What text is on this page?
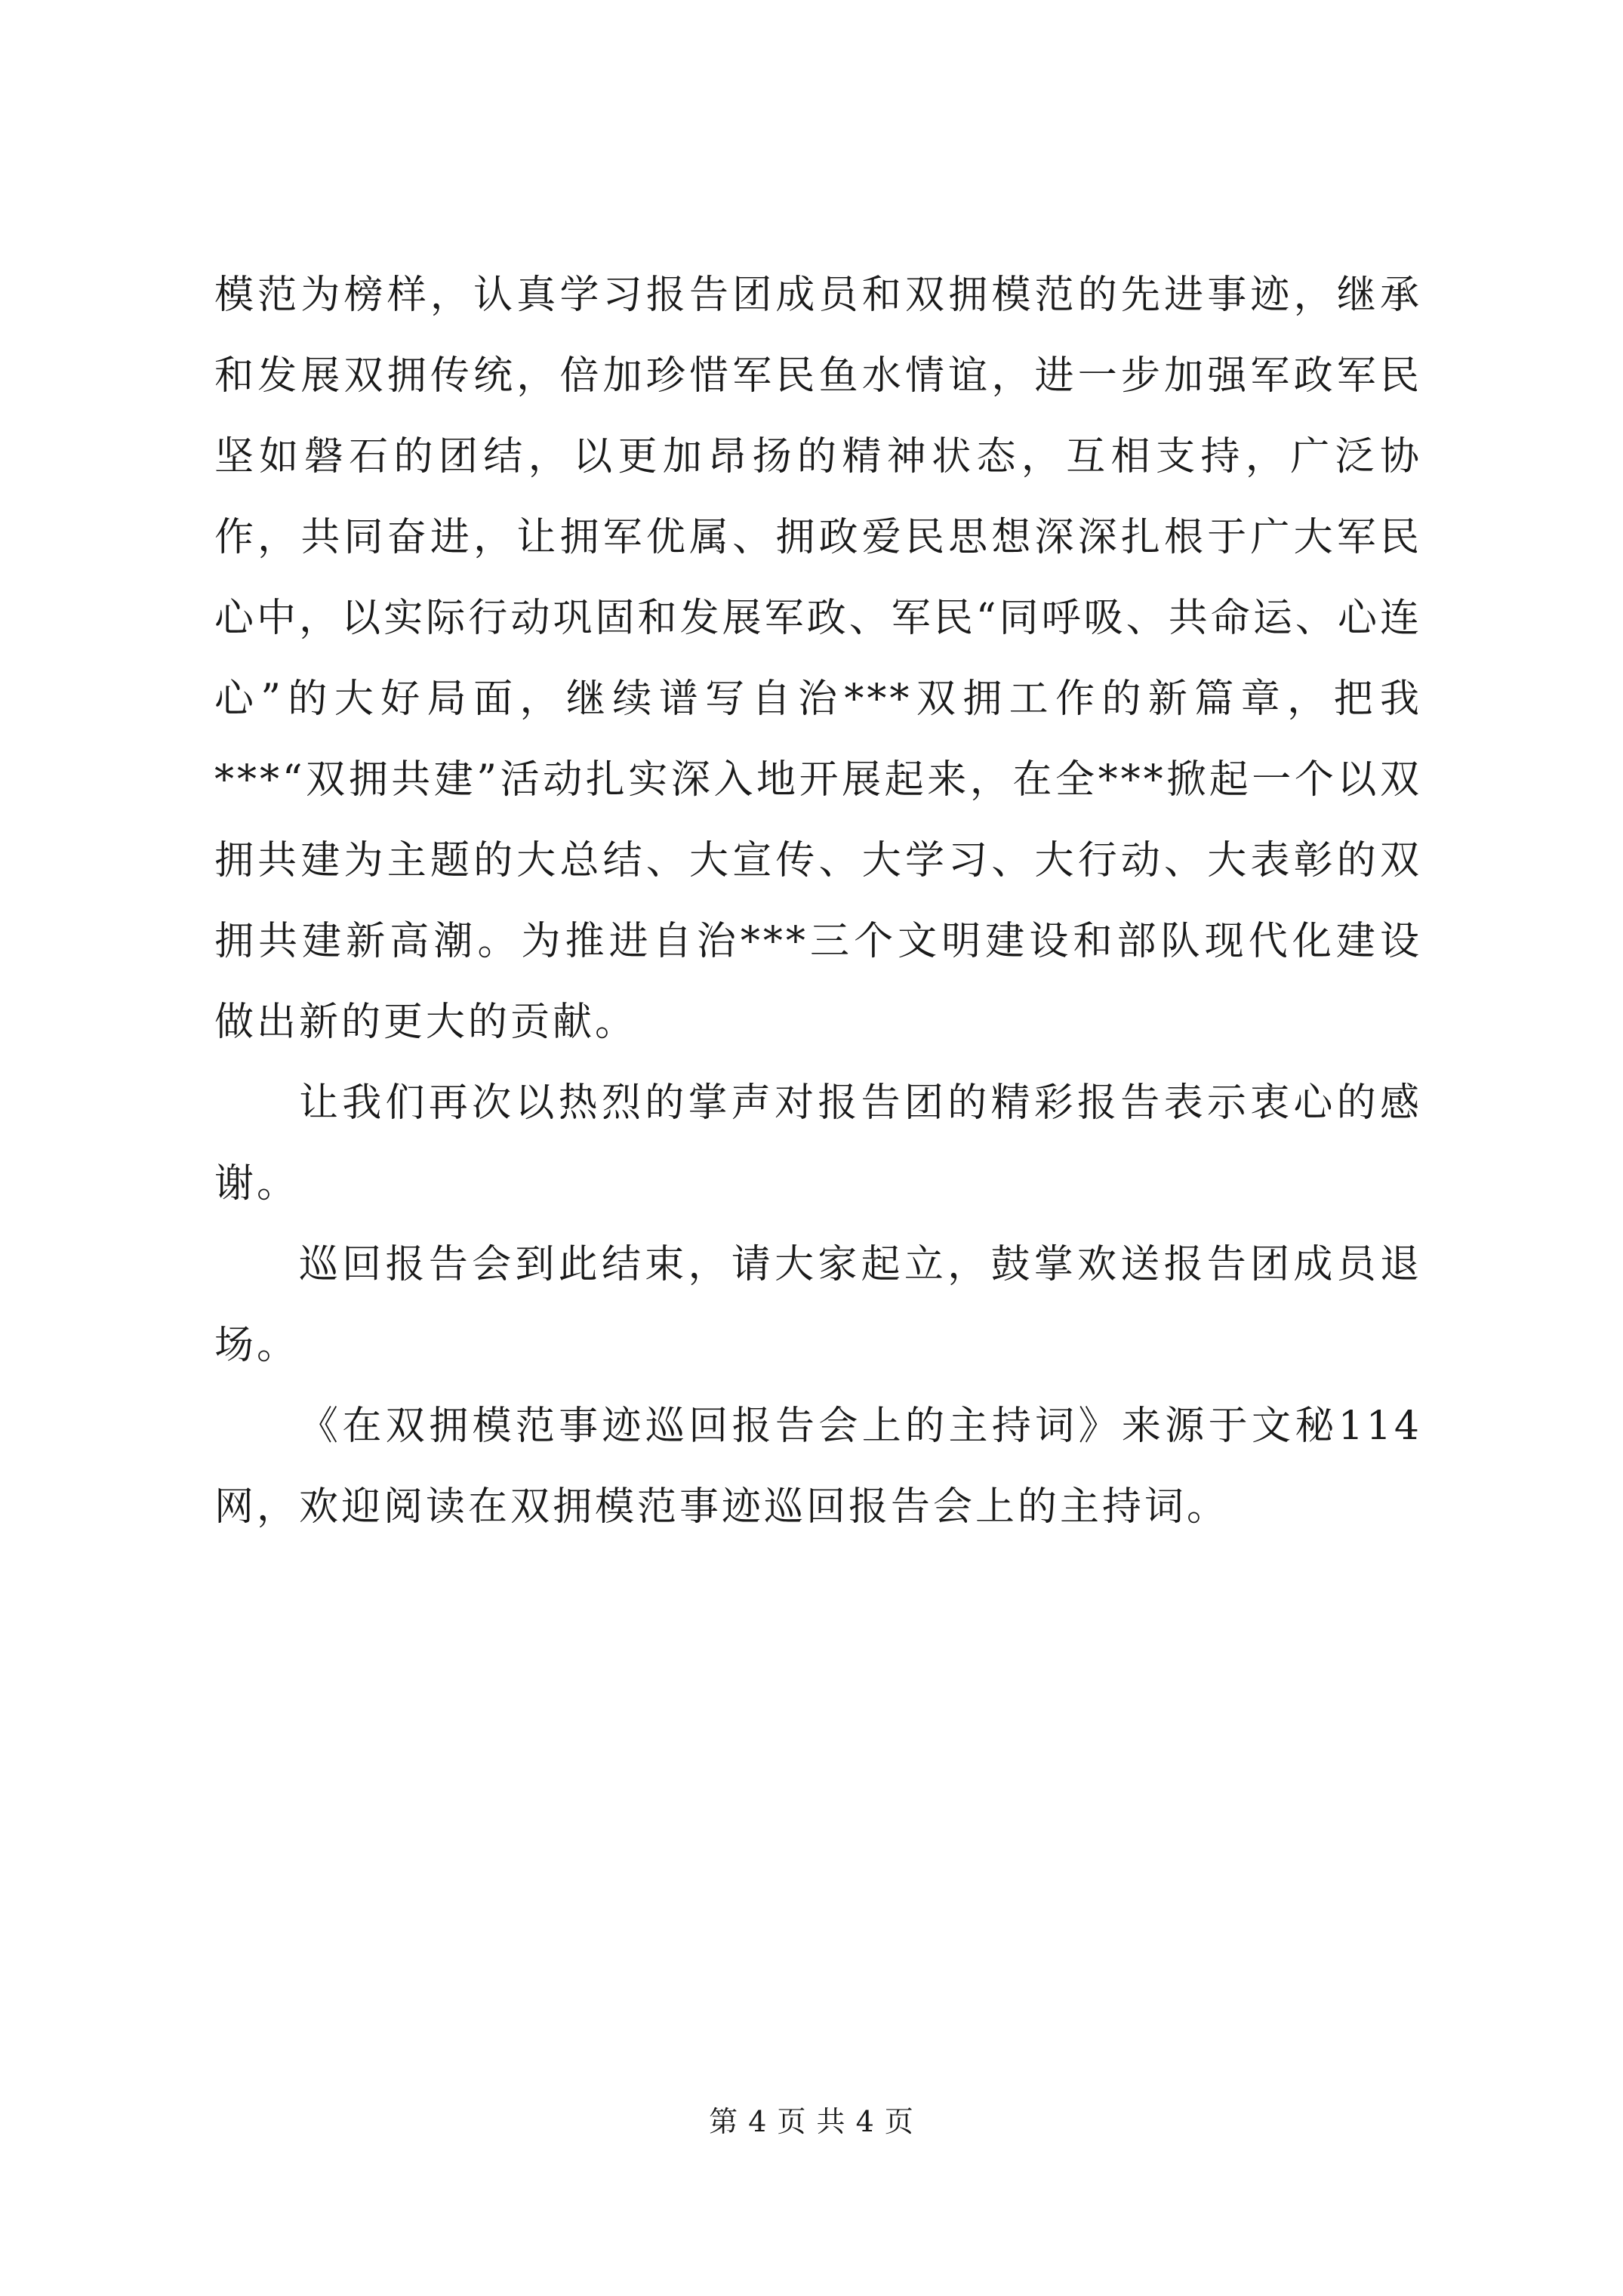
模范为榜样，认真学习报告团成员和双拥模范的先进事迹，继承和发展双拥传统，倍加珍惜军民鱼水情谊，进一步加强军政军民坚如磐石的团结，以更加昂扬的精神状态，互相支持，广泛协作，共同奋进，让拥军优属、拥政爱民思想深深扎根于广大军民心中，以实际行动巩固和发展军政、军民“同呼吸、共命运、心连心”的大好局面，继续谱写自治***双拥工作的新篇章，把我***“双拥共建”活动扎实深入地开展起来，在全***掀起一个以双拥共建为主题的大总结、大宣传、大学习、大行动、大表彰的双拥共建新高潮。为推进自治***三个文明建设和部队现代化建设做出新的更大的贡献。

让我们再次以热烈的掌声对报告团的精彩报告表示衷心的感谢。

巡回报告会到此结束，请大家起立，鼓掌欢送报告团成员退场。

《在双拥模范事迹巡回报告会上的主持词》来源于文秘114网，欢迎阅读在双拥模范事迹巡回报告会上的主持词。

第 4 页 共 4 页
